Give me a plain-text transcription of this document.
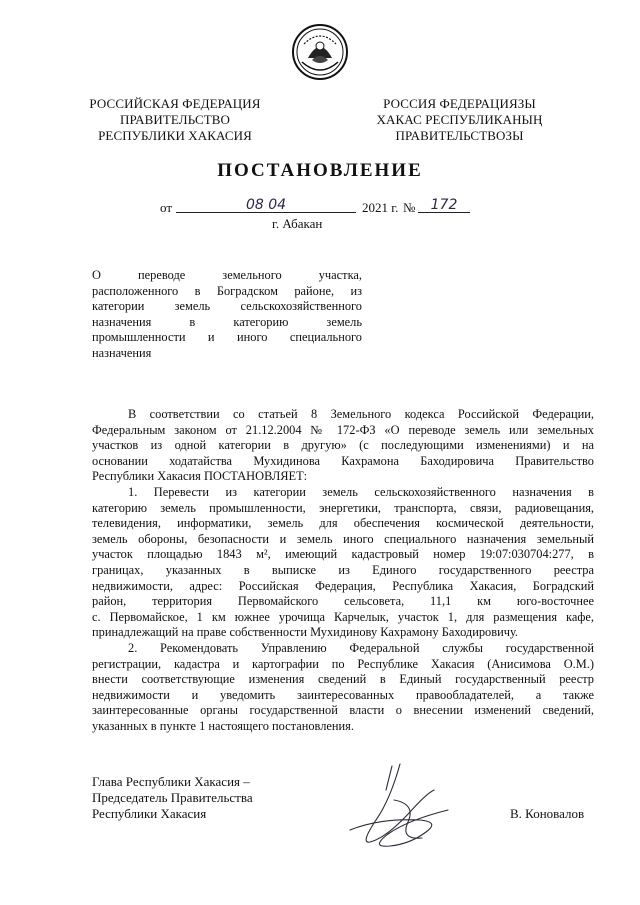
РОССИЙСКАЯ ФЕДЕРАЦИЯ
ПРАВИТЕЛЬСТВО
РЕСПУБЛИКИ ХАКАСИЯ
РОССИЯ ФЕДЕРАЦИЯЗЫ
ХАКАС РЕСПУБЛИКАНЫҢ
ПРАВИТЕЛЬСТВОЗЫ
ПОСТАНОВЛЕНИЕ
от	08 04	2021 г. №	172
г. Абакан
О переводе земельного участка,
расположенного в Боградском районе, из
категории земель сельскохозяйственного
назначения в категорию земель
промышленности и иного специального
назначения
В соответствии со статьей 8 Земельного кодекса Российской Федерации,
Федеральным законом от 21.12.2004 № 172-ФЗ «О переводе земель или земельных
участков из одной категории в другую» (с последующими изменениями) и на
основании ходатайства Мухидинова Кахрамона Баходировича Правительство
Республики Хакасия ПОСТАНОВЛЯЕТ:
1. Перевести из категории земель сельскохозяйственного назначения в
категорию земель промышленности, энергетики, транспорта, связи, радиовещания,
телевидения, информатики, земель для обеспечения космической деятельности,
земель обороны, безопасности и земель иного специального назначения земельный
участок площадью 1843 м², имеющий кадастровый номер 19:07:030704:277, в
границах, указанных в выписке из Единого государственного реестра
недвижимости, адрес: Российская Федерация, Республика Хакасия, Боградский
район, территория Первомайского сельсовета, 11,1 км юго-восточнее
с. Первомайское, 1 км южнее урочища Карчелык, участок 1, для размещения кафе,
принадлежащий на праве собственности Мухидинову Кахрамону Баходировичу.
2. Рекомендовать Управлению Федеральной службы государственной
регистрации, кадастра и картографии по Республике Хакасия (Анисимова О.М.)
внести соответствующие изменения сведений в Единый государственный реестр
недвижимости и уведомить заинтересованных правообладателей, а также
заинтересованные органы государственной власти о внесении изменений сведений,
указанных в пункте 1 настоящего постановления.
Глава Республики Хакасия –
Председатель Правительства
Республики Хакасия	В. Коновалов
